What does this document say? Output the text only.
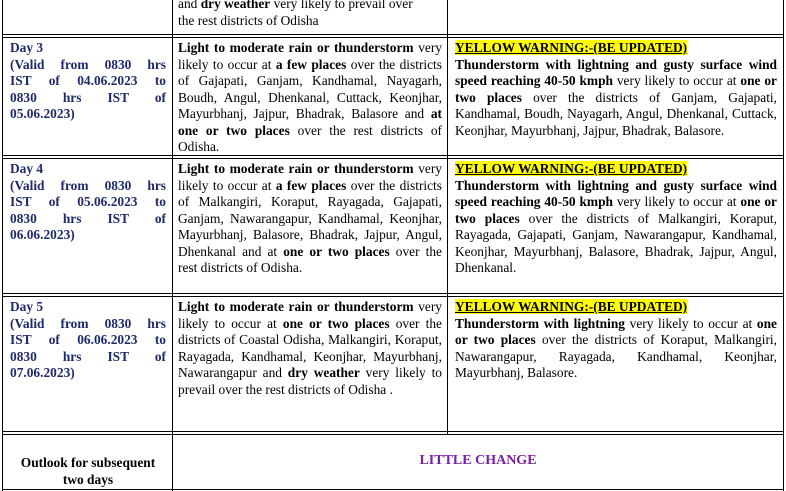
and dry weather very likely to prevail over
the rest districts of Odisha
Day 3
(Valid from 0830 hrs
IST of 04.06.2023 to
0830 hrs IST of
05.06.2023)
Light to moderate rain or thunderstorm very likely to occur at a few places over the districts of Gajapati, Ganjam, Kandhamal, Nayagarh, Boudh, Angul, Dhenkanal, Cuttack, Keonjhar, Mayurbhanj, Jajpur, Bhadrak, Balasore and at one or two places over the rest districts of Odisha.
YELLOW WARNING:-(BE UPDATED)
Thunderstorm with lightning and gusty surface wind speed reaching 40-50 kmph very likely to occur at one or two places over the districts of Ganjam, Gajapati, Kandhamal, Boudh, Nayagarh, Angul, Dhenkanal, Cuttack, Keonjhar, Mayurbhanj, Jajpur, Bhadrak, Balasore.
Day 4
(Valid from 0830 hrs
IST of 05.06.2023 to
0830 hrs IST of
06.06.2023)
Light to moderate rain or thunderstorm very likely to occur at a few places over the districts of Malkangiri, Koraput, Rayagada, Gajapati, Ganjam, Nawarangapur, Kandhamal, Keonjhar, Mayurbhanj, Balasore, Bhadrak, Jajpur, Angul, Dhenkanal and at one or two places over the rest districts of Odisha.
YELLOW WARNING:-(BE UPDATED)
Thunderstorm with lightning and gusty surface wind speed reaching 40-50 kmph very likely to occur at one or two places over the districts of Malkangiri, Koraput, Rayagada, Gajapati, Ganjam, Nawarangapur, Kandhamal, Keonjhar, Mayurbhanj, Balasore, Bhadrak, Jajpur, Angul, Dhenkanal.
Day 5
(Valid from 0830 hrs
IST of 06.06.2023 to
0830 hrs IST of
07.06.2023)
Light to moderate rain or thunderstorm very likely to occur at one or two places over the districts of Coastal Odisha, Malkangiri, Koraput, Rayagada, Kandhamal, Keonjhar, Mayurbhanj, Nawarangapur and dry weather very likely to prevail over the rest districts of Odisha .
YELLOW WARNING:-(BE UPDATED)
Thunderstorm with lightning very likely to occur at one or two places over the districts of Koraput, Malkangiri, Nawarangapur, Rayagada, Kandhamal, Keonjhar, Mayurbhanj, Balasore.
Outlook for subsequent two days
LITTLE CHANGE
